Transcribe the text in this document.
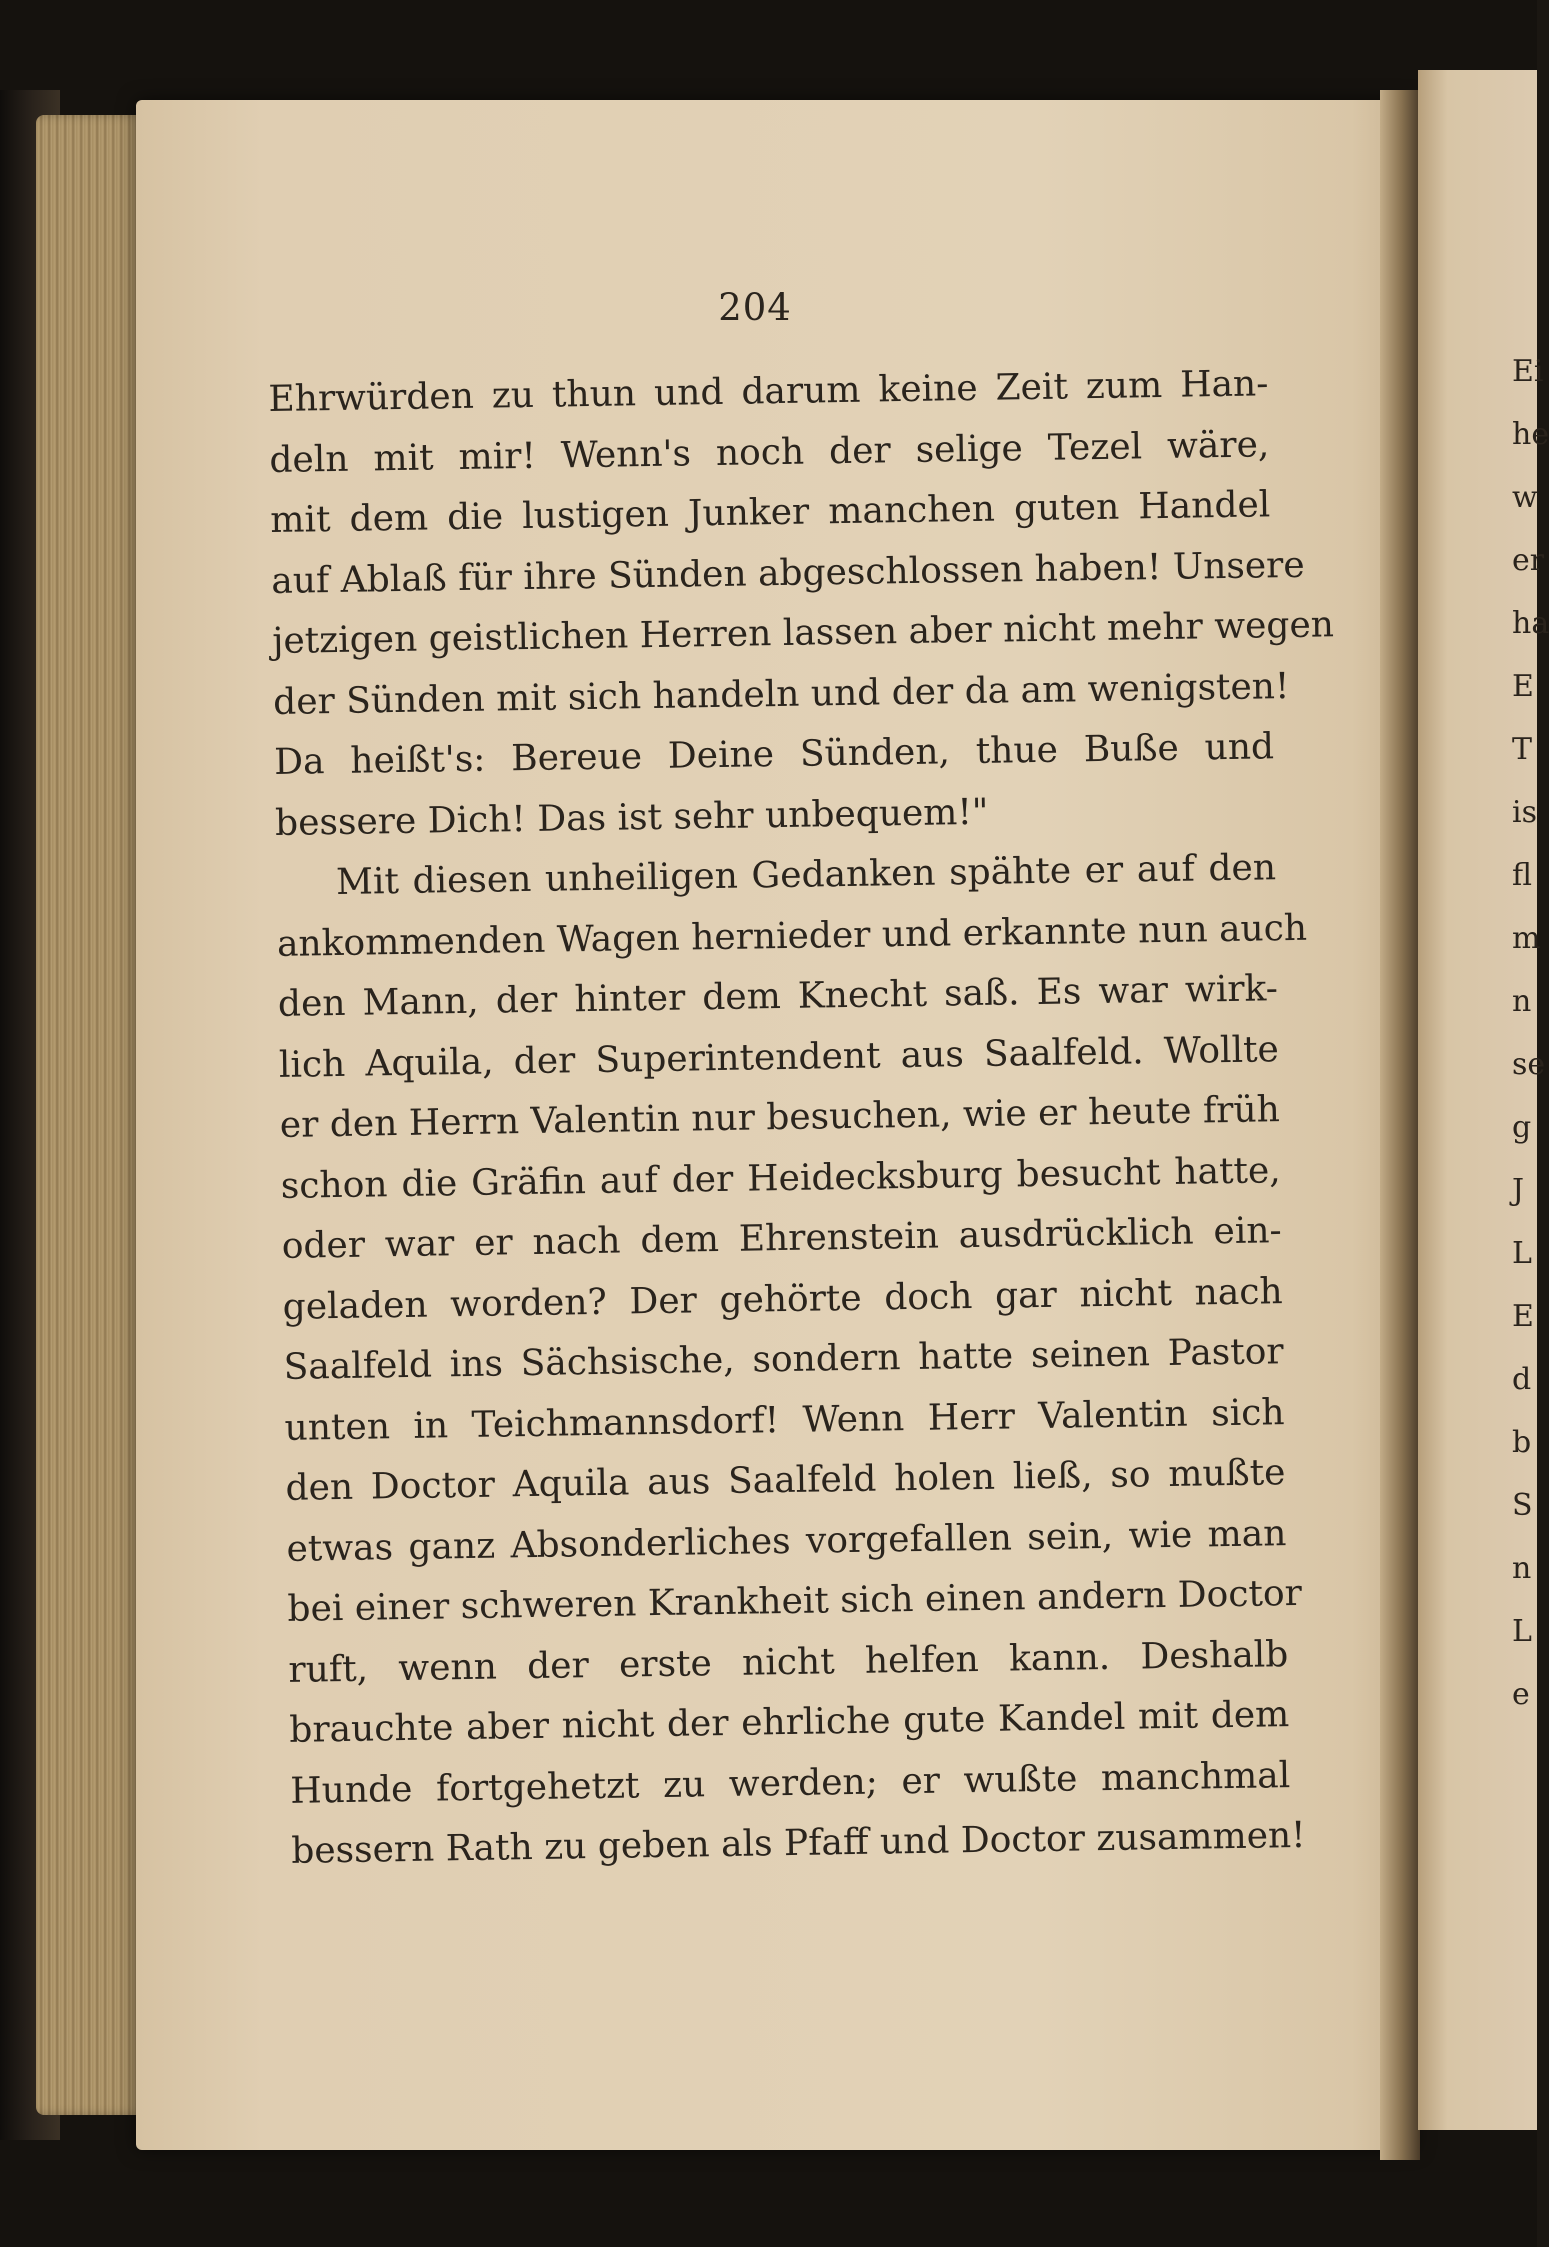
Ei
he
w
er
ha
E
T
is
fl
m
n
se
g
J
L
E
d
b
S
n
L
e
204
Ehrwürden zu thun und darum keine Zeit zum Han-
deln mit mir! Wenn's noch der selige Tezel wäre,
mit dem die lustigen Junker manchen guten Handel
auf Ablaß für ihre Sünden abgeschlossen haben! Unsere
jetzigen geistlichen Herren lassen aber nicht mehr wegen
der Sünden mit sich handeln und der da am wenigsten!
Da heißt's: Bereue Deine Sünden, thue Buße und
bessere Dich! Das ist sehr unbequem!"
Mit diesen unheiligen Gedanken spähte er auf den
ankommenden Wagen hernieder und erkannte nun auch
den Mann, der hinter dem Knecht saß. Es war wirk-
lich Aquila, der Superintendent aus Saalfeld. Wollte
er den Herrn Valentin nur besuchen, wie er heute früh
schon die Gräfin auf der Heidecksburg besucht hatte,
oder war er nach dem Ehrenstein ausdrücklich ein-
geladen worden? Der gehörte doch gar nicht nach
Saalfeld ins Sächsische, sondern hatte seinen Pastor
unten in Teichmannsdorf! Wenn Herr Valentin sich
den Doctor Aquila aus Saalfeld holen ließ, so mußte
etwas ganz Absonderliches vorgefallen sein, wie man
bei einer schweren Krankheit sich einen andern Doctor
ruft, wenn der erste nicht helfen kann. Deshalb
brauchte aber nicht der ehrliche gute Kandel mit dem
Hunde fortgehetzt zu werden; er wußte manchmal
bessern Rath zu geben als Pfaff und Doctor zusammen!
